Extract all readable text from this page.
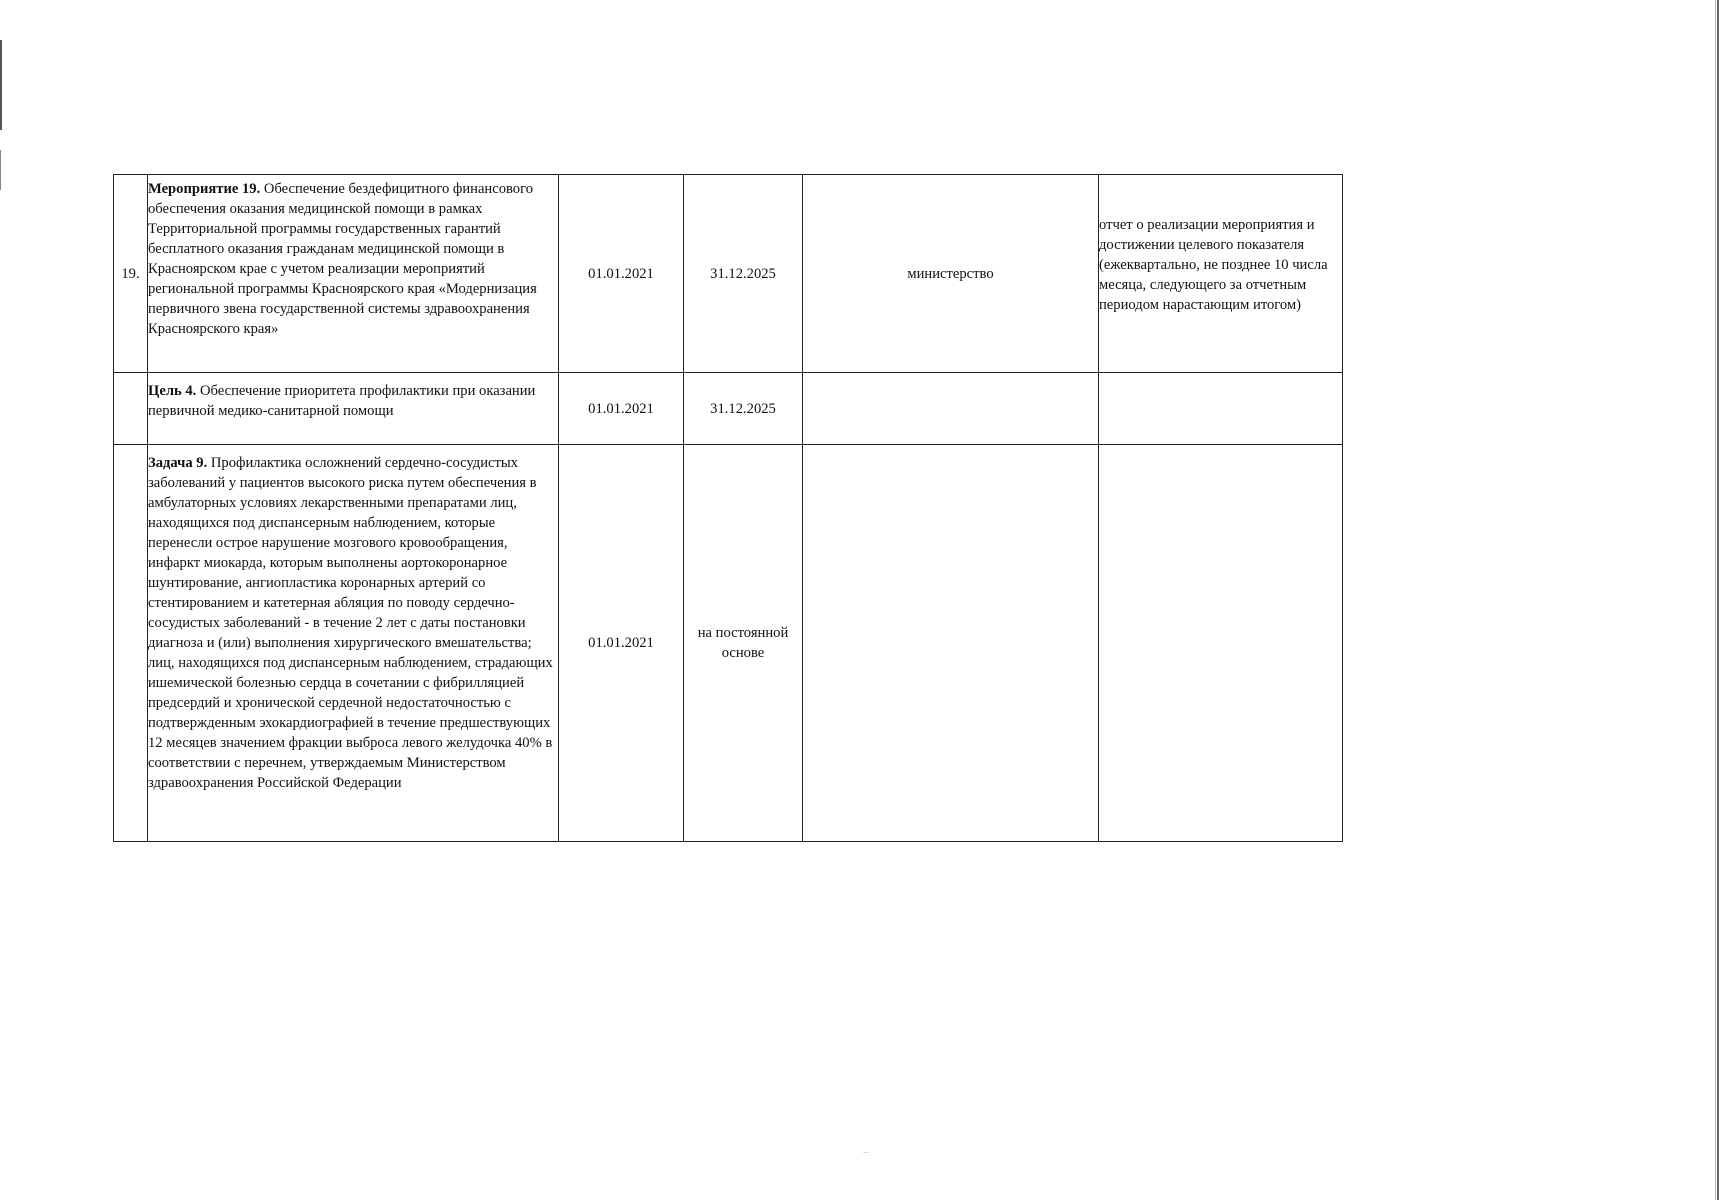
19.	Мероприятие 19. Обеспечение бездефицитного финансового обеспечения оказания медицинской помощи в рамках Территориальной программы государственных гарантий бесплатного оказания гражданам медицинской помощи в Красноярском крае с учетом реализации мероприятий региональной программы Красноярского края «Модернизация первичного звена государственной системы здравоохранения Красноярского края»	01.01.2021	31.12.2025	министерство	отчет о реализации мероприятия и достижении целевого показателя (ежеквартально, не позднее 10 числа месяца, следующего за отчетным периодом нарастающим итогом)
	Цель 4. Обеспечение приоритета профилактики при оказании первичной медико-санитарной помощи	01.01.2021	31.12.2025		
	Задача 9. Профилактика осложнений сердечно-сосудистых заболеваний у пациентов высокого риска путем обеспечения в амбулаторных условиях лекарственными препаратами лиц, находящихся под диспансерным наблюдением, которые перенесли острое нарушение мозгового кровообращения, инфаркт миокарда, которым выполнены аортокоронарное шунтирование, ангиопластика коронарных артерий со стентированием и катетерная абляция по поводу сердечно-сосудистых заболеваний - в течение 2 лет с даты постановки диагноза и (или) выполнения хирургического вмешательства; лиц, находящихся под диспансерным наблюдением, страдающих ишемической болезнью сердца в сочетании с фибрилляцией предсердий и хронической сердечной недостаточностью с подтвержденным эхокардиографией в течение предшествующих 12 месяцев значением фракции выброса левого желудочка 40% в соответствии с перечнем, утверждаемым Министерством здравоохранения Российской Федерации	01.01.2021	на постоянной основе		
